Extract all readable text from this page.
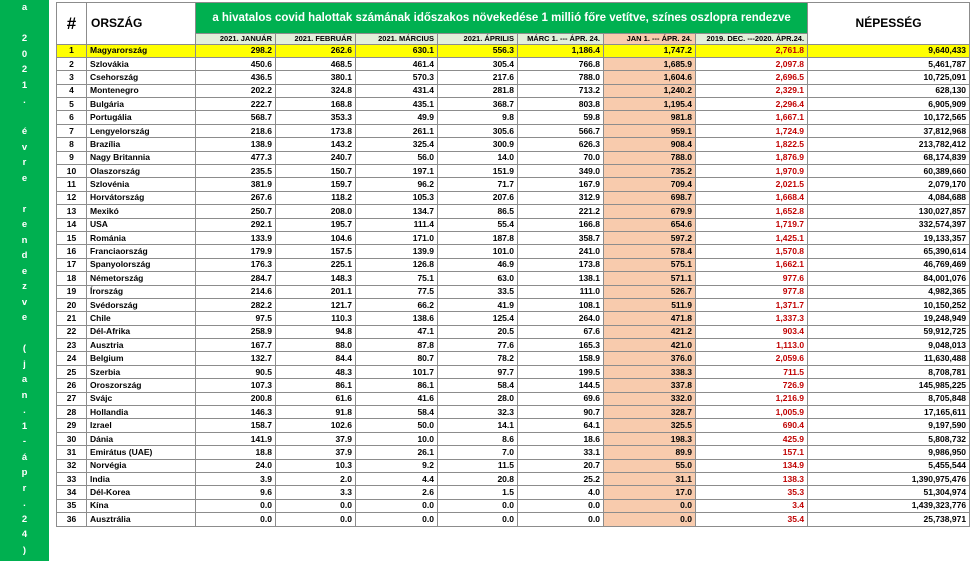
a
2
0
2
1
.
é
v
r
e
r
e
n
d
e
z
v
e
(
j
a
n
.
1
-
á
p
r
.
2
4
)
#	ORSZÁG	a hivatalos covid halottak számának időszakos növekedése 1 millió főre vetítve, színes oszlopra rendezve							NÉPESSÉG
		2021. JANUÁR	2021. FEBRUÁR	2021. MÁRCIUS	2021. ÁPRILIS	MÁRC 1. --- ÁPR. 24.	JAN 1. --- ÁPR. 24.	2019. DEC. ---2020. ÁPR.24.	
1	Magyarország	298.2	262.6	630.1	556.3	1,186.4	1,747.2	2,761.8	9,640,433
2	Szlovákia	450.6	468.5	461.4	305.4	766.8	1,685.9	2,097.8	5,461,787
3	Csehország	436.5	380.1	570.3	217.6	788.0	1,604.6	2,696.5	10,725,091
4	Montenegro	202.2	324.8	431.4	281.8	713.2	1,240.2	2,329.1	628,130
5	Bulgária	222.7	168.8	435.1	368.7	803.8	1,195.4	2,296.4	6,905,909
6	Portugália	568.7	353.3	49.9	9.8	59.8	981.8	1,667.1	10,172,565
7	Lengyelország	218.6	173.8	261.1	305.6	566.7	959.1	1,724.9	37,812,968
8	Brazília	138.9	143.2	325.4	300.9	626.3	908.4	1,822.5	213,782,412
9	Nagy Britannia	477.3	240.7	56.0	14.0	70.0	788.0	1,876.9	68,174,839
10	Olaszország	235.5	150.7	197.1	151.9	349.0	735.2	1,970.9	60,389,660
11	Szlovénia	381.9	159.7	96.2	71.7	167.9	709.4	2,021.5	2,079,170
12	Horvátország	267.6	118.2	105.3	207.6	312.9	698.7	1,668.4	4,084,688
13	Mexikó	250.7	208.0	134.7	86.5	221.2	679.9	1,652.8	130,027,857
14	USA	292.1	195.7	111.4	55.4	166.8	654.6	1,719.7	332,574,397
15	Románia	133.9	104.6	171.0	187.8	358.7	597.2	1,425.1	19,133,357
16	Franciaország	179.9	157.5	139.9	101.0	241.0	578.4	1,570.8	65,390,614
17	Spanyolország	176.3	225.1	126.8	46.9	173.8	575.1	1,662.1	46,769,469
18	Németország	284.7	148.3	75.1	63.0	138.1	571.1	977.6	84,001,076
19	Írország	214.6	201.1	77.5	33.5	111.0	526.7	977.8	4,982,365
20	Svédország	282.2	121.7	66.2	41.9	108.1	511.9	1,371.7	10,150,252
21	Chile	97.5	110.3	138.6	125.4	264.0	471.8	1,337.3	19,248,949
22	Dél-Afrika	258.9	94.8	47.1	20.5	67.6	421.2	903.4	59,912,725
23	Ausztria	167.7	88.0	87.8	77.6	165.3	421.0	1,113.0	9,048,013
24	Belgium	132.7	84.4	80.7	78.2	158.9	376.0	2,059.6	11,630,488
25	Szerbia	90.5	48.3	101.7	97.7	199.5	338.3	711.5	8,708,781
26	Oroszország	107.3	86.1	86.1	58.4	144.5	337.8	726.9	145,985,225
27	Svájc	200.8	61.6	41.6	28.0	69.6	332.0	1,216.9	8,705,848
28	Hollandia	146.3	91.8	58.4	32.3	90.7	328.7	1,005.9	17,165,611
29	Izrael	158.7	102.6	50.0	14.1	64.1	325.5	690.4	9,197,590
30	Dánia	141.9	37.9	10.0	8.6	18.6	198.3	425.9	5,808,732
31	Emirátus (UAE)	18.8	37.9	26.1	7.0	33.1	89.9	157.1	9,986,950
32	Norvégia	24.0	10.3	9.2	11.5	20.7	55.0	134.9	5,455,544
33	India	3.9	2.0	4.4	20.8	25.2	31.1	138.3	1,390,975,476
34	Dél-Korea	9.6	3.3	2.6	1.5	4.0	17.0	35.3	51,304,974
35	Kína	0.0	0.0	0.0	0.0	0.0	0.0	3.4	1,439,323,776
36	Ausztrália	0.0	0.0	0.0	0.0	0.0	0.0	35.4	25,738,971
